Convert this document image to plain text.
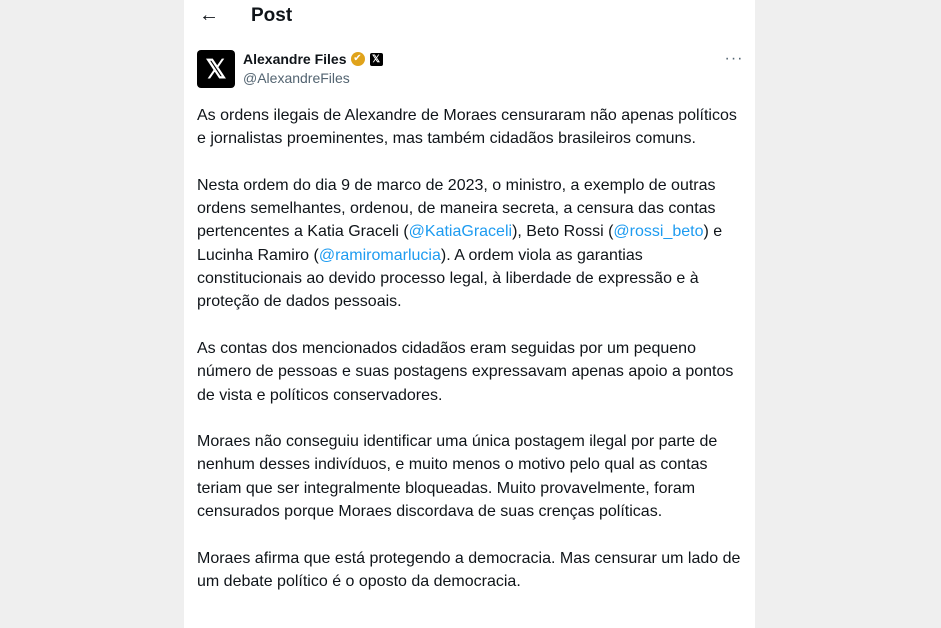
← Post
𝕏	Alexandre Files ✔ 𝕏
@AlexandreFiles
···

As ordens ilegais de Alexandre de Moraes censuraram não apenas políticos e jornalistas proeminentes, mas também cidadãos brasileiros comuns.

Nesta ordem do dia 9 de marco de 2023, o ministro, a exemplo de outras ordens semelhantes, ordenou, de maneira secreta, a censura das contas pertencentes a Katia Graceli (@KatiaGraceli), Beto Rossi (@rossi_beto) e Lucinha Ramiro (@ramiromarlucia). A ordem viola as garantias constitucionais ao devido processo legal, à liberdade de expressão e à proteção de dados pessoais.

As contas dos mencionados cidadãos eram seguidas por um pequeno número de pessoas e suas postagens expressavam apenas apoio a pontos de vista e políticos conservadores.

Moraes não conseguiu identificar uma única postagem ilegal por parte de nenhum desses indivíduos, e muito menos o motivo pelo qual as contas teriam que ser integralmente bloqueadas. Muito provavelmente, foram censurados porque Moraes discordava de suas crenças políticas.

Moraes afirma que está protegendo a democracia. Mas censurar um lado de um debate político é o oposto da democracia.
